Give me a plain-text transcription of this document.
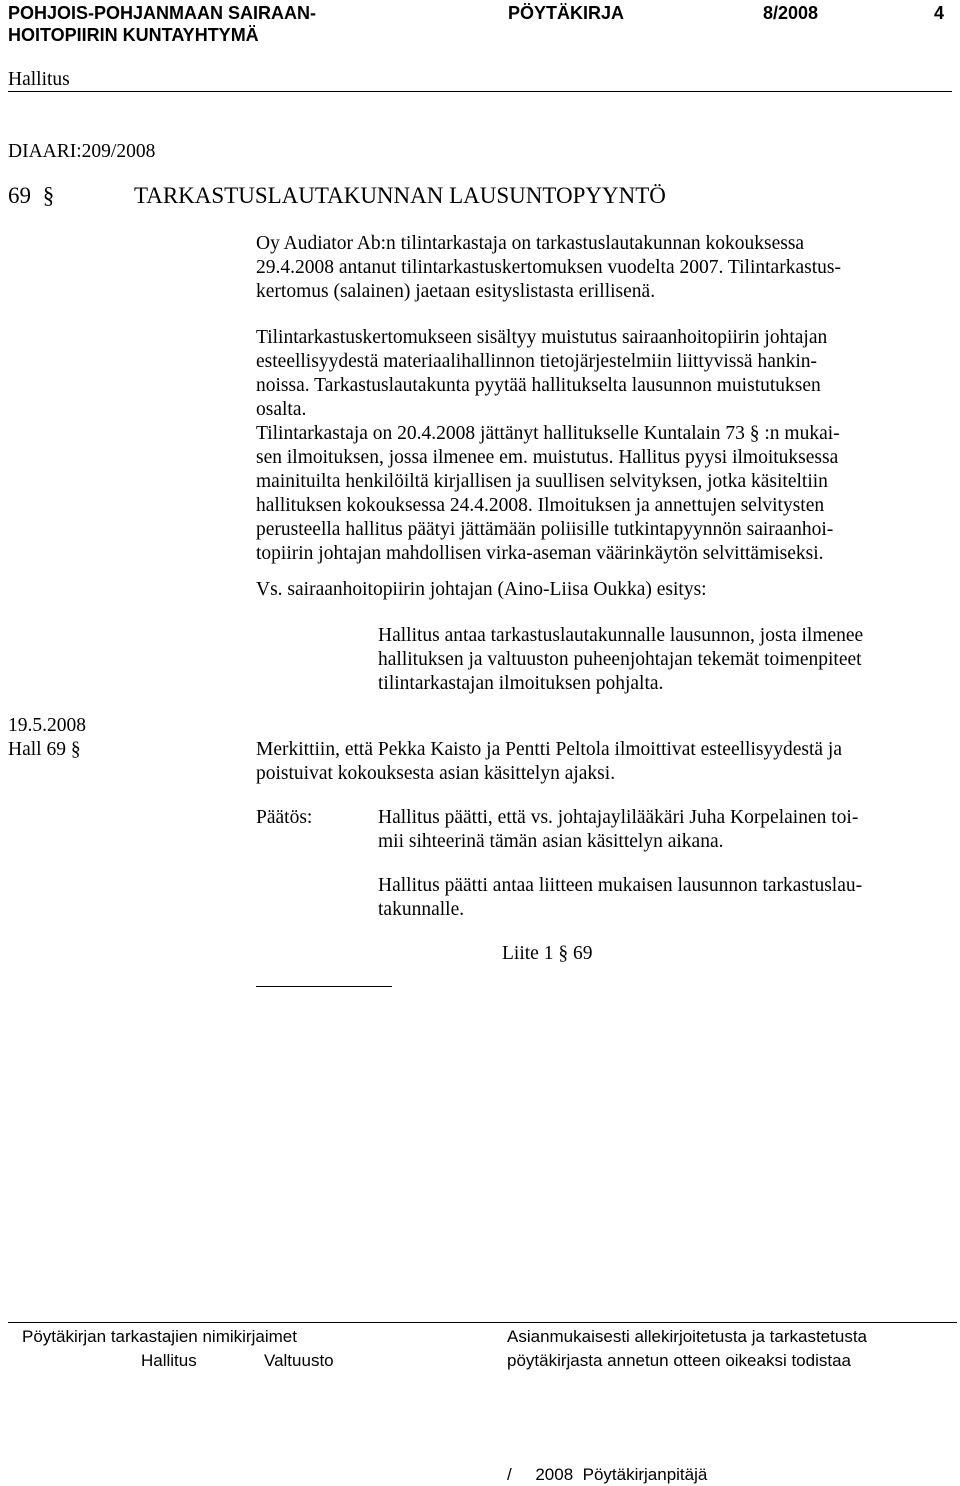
POHJOIS-POHJANMAAN SAIRAAN-
HOITOPIIRIN KUNTAYHTYMÄ
PÖYTÄKIRJA	8/2008	4
Hallitus
DIAARI:209/2008
69 §	TARKASTUSLAUTAKUNNAN LAUSUNTOPYYNTÖ
Oy Audiator Ab:n tilintarkastaja on tarkastuslautakunnan kokouksessa
29.4.2008 antanut tilintarkastuskertomuksen vuodelta 2007. Tilintarkastus-
kertomus (salainen) jaetaan esityslistasta erillisenä.
Tilintarkastuskertomukseen sisältyy muistutus sairaanhoitopiirin johtajan
esteellisyydestä materiaalihallinnon tietojärjestelmiin liittyvissä hankin-
noissa. Tarkastuslautakunta pyytää hallitukselta lausunnon muistutuksen
osalta.
Tilintarkastaja on 20.4.2008 jättänyt hallitukselle Kuntalain 73 § :n mukai-
sen ilmoituksen, jossa ilmenee em. muistutus. Hallitus pyysi ilmoituksessa
mainituilta henkilöiltä kirjallisen ja suullisen selvityksen, jotka käsiteltiin
hallituksen kokouksessa 24.4.2008. Ilmoituksen ja annettujen selvitysten
perusteella hallitus päätyi jättämään poliisille tutkintapyynnön sairaanhoi-
topiirin johtajan mahdollisen virka-aseman väärinkäytön selvittämiseksi.
Vs. sairaanhoitopiirin johtajan (Aino-Liisa Oukka) esitys:
Hallitus antaa tarkastuslautakunnalle lausunnon, josta ilmenee
hallituksen ja valtuuston puheenjohtajan tekemät toimenpiteet
tilintarkastajan ilmoituksen pohjalta.
19.5.2008
Hall 69 §	Merkittiin, että Pekka Kaisto ja Pentti Peltola ilmoittivat esteellisyydestä ja
poistuivat kokouksesta asian käsittelyn ajaksi.
Päätös:	Hallitus päätti, että vs. johtajaylilääkäri Juha Korpelainen toi-
mii sihteerinä tämän asian käsittelyn aikana.
Hallitus päätti antaa liitteen mukaisen lausunnon tarkastuslau-
takunnalle.
Liite 1 § 69
Pöytäkirjan tarkastajien nimikirjaimet
Hallitus	Valtuusto
Asianmukaisesti allekirjoitetusta ja tarkastetusta
pöytäkirjasta annetun otteen oikeaksi todistaa
/     2008  Pöytäkirjanpitäjä
